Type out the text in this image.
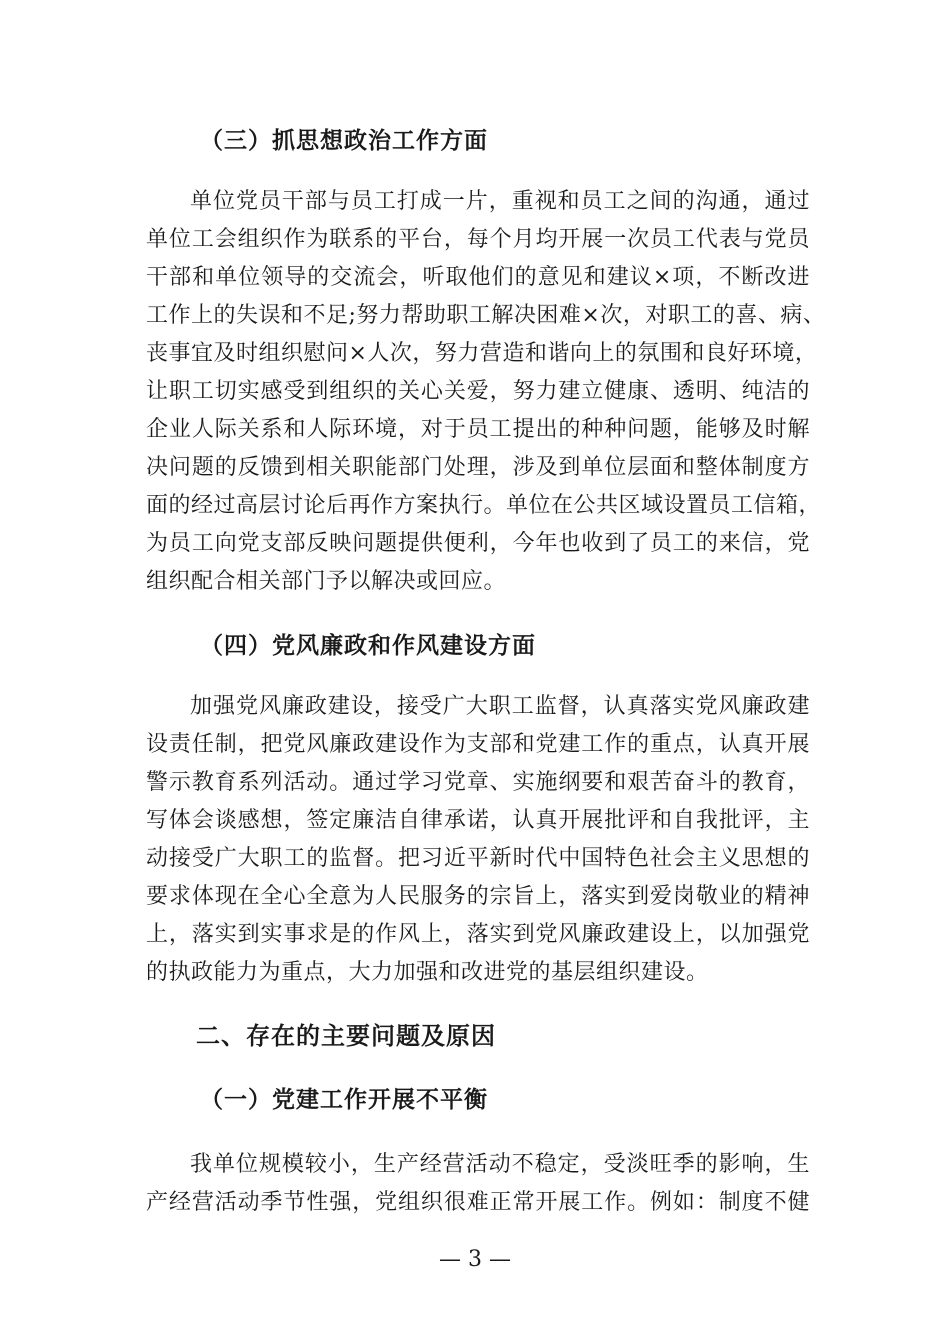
（三）抓思想政治工作方面
单位党员干部与员工打成一片，重视和员工之间的沟通，通过
单位工会组织作为联系的平台，每个月均开展一次员工代表与党员
干部和单位领导的交流会，听取他们的意见和建议×项，不断改进
工作上的失误和不足;努力帮助职工解决困难×次，对职工的喜、病、
丧事宜及时组织慰问×人次，努力营造和谐向上的氛围和良好环境，
让职工切实感受到组织的关心关爱，努力建立健康、透明、纯洁的
企业人际关系和人际环境，对于员工提出的种种问题，能够及时解
决问题的反馈到相关职能部门处理，涉及到单位层面和整体制度方
面的经过高层讨论后再作方案执行。单位在公共区域设置员工信箱，
为员工向党支部反映问题提供便利，今年也收到了员工的来信，党
组织配合相关部门予以解决或回应。
（四）党风廉政和作风建设方面
加强党风廉政建设，接受广大职工监督，认真落实党风廉政建
设责任制，把党风廉政建设作为支部和党建工作的重点，认真开展
警示教育系列活动。通过学习党章、实施纲要和艰苦奋斗的教育，
写体会谈感想，签定廉洁自律承诺，认真开展批评和自我批评，主
动接受广大职工的监督。把习近平新时代中国特色社会主义思想的
要求体现在全心全意为人民服务的宗旨上，落实到爱岗敬业的精神
上，落实到实事求是的作风上，落实到党风廉政建设上，以加强党
的执政能力为重点，大力加强和改进党的基层组织建设。
二、存在的主要问题及原因
（一）党建工作开展不平衡
我单位规模较小，生产经营活动不稳定，受淡旺季的影响，生
产经营活动季节性强，党组织很难正常开展工作。例如：制度不健
— 3 —
